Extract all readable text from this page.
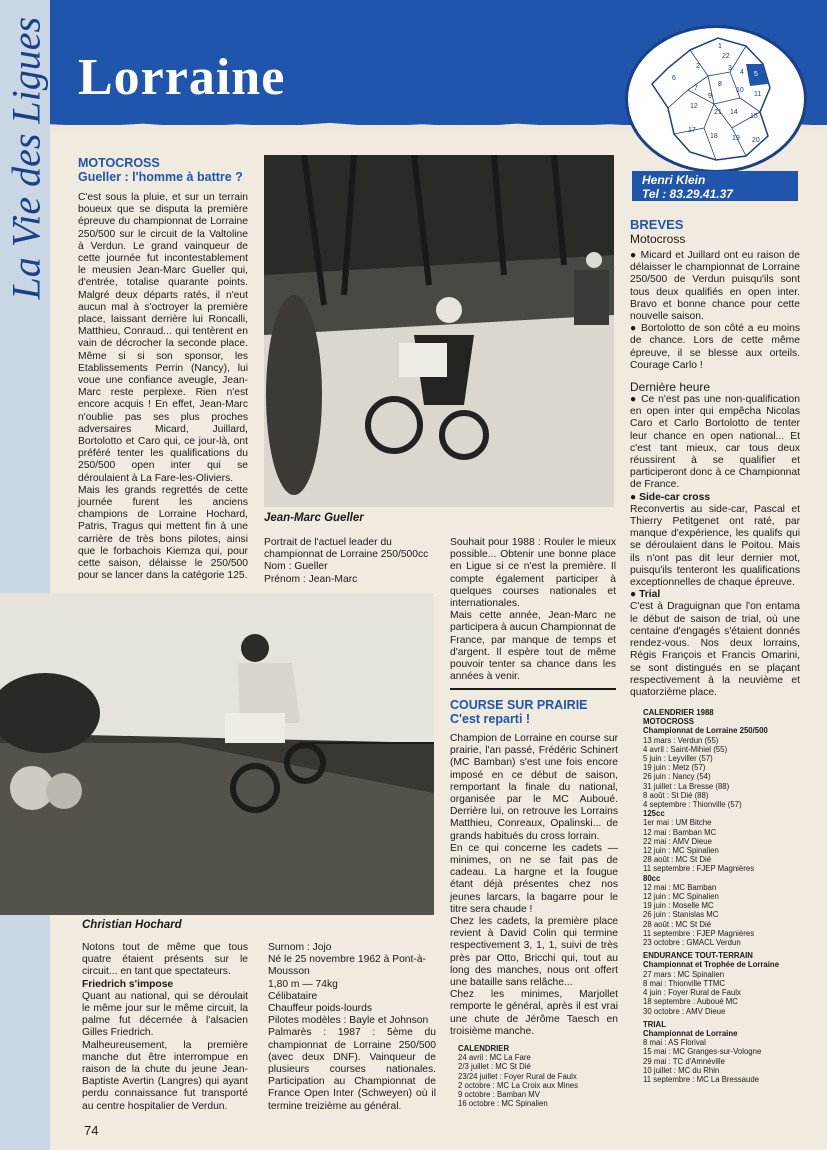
La Vie des Ligues Lorraine
1
22
2	3
4 5
6
7
8
9
10
11
12
21 14
15
17
18 19 20
Henri Klein
Tel : 83.29.41.37
MOTOCROSS
Gueller : l'homme à battre ?

C'est sous la pluie, et sur un terrain boueux que se disputa la première épreuve du championnat de Lorraine 250/500 sur le circuit de la Valtoline à Verdun. Le grand vainqueur de cette journée fut incontestablement le meusien Jean-Marc Gueller qui, d'entrée, totalise quarante points. Malgré deux départs ratés, il n'eut aucun mal à s'octroyer la première place, laissant derrière lui Roncalli, Matthieu, Conraud... qui tentèrent en vain de décrocher la seconde place. Même si si son sponsor, les Etablissements Perrin (Nancy), lui voue une confiance aveugle, Jean-Marc reste perplexe. Rien n'est encore acquis ! En effet, Jean-Marc n'oublie pas ses plus proches adversaires Micard, Juillard, Bortolotto et Caro qui, ce jour-là, ont préféré tenter les qualifications du 250/500 open inter qui se déroulaient à La Fare-les-Oliviers.

Mais les grands regrettés de cette journée furent les anciens champions de Lorraine Hochard, Patris, Tragus qui mettent fin à une carrière de très bons pilotes, ainsi que le forbachois Kiemza qui, pour cette saison, délaisse le 250/500 pour se lancer dans la catégorie 125.

Jean-Marc Gueller

Portrait de l'actuel leader du championnat de Lorraine 250/500cc

Nom : Gueller

Prénom : Jean-Marc

Souhait pour 1988 : Rouler le mieux possible... Obtenir une bonne place en Ligue si ce n'est la première. Il compte également participer à quelques courses nationales et internationales.

Mais cette année, Jean-Marc ne participera à aucun Championnat de France, par manque de temps et d'argent. Il espère tout de même pouvoir tenter sa chance dans les années à venir.

Christian Hochard

Notons tout de même que tous quatre étaient présents sur le circuit... en tant que spectateurs.

Friedrich s'impose

Quant au national, qui se déroulait le même jour sur le même circuit, la palme fut décernée à l'alsacien Gilles Friedrich.

Malheureusement, la première manche dut être interrompue en raison de la chute du jeune Jean-Baptiste Avertin (Langres) qui ayant perdu connaissance fut transporté au centre hospitalier de Verdun.

Surnom : Jojo

Né le 25 novembre 1962 à Pont-à-Mousson

1,80 m — 74kg

Célibataire

Chauffeur poids-lourds

Pilotes modèles : Bayle et Johnson

Palmarès : 1987 : 5ème du championnat de Lorraine 250/500 (avec deux DNF). Vainqueur de plusieurs courses nationales. Participation au Championnat de France Open Inter (Schweyen) où il termine treizième au général.

COURSE SUR PRAIRIE
C'est reparti !

Champion de Lorraine en course sur prairie, l'an passé, Frédéric Schinert (MC Bamban) s'est une fois encore imposé en ce début de saison, remportant la finale du national, organisée par le MC Auboué. Derrière lui, on retrouve les Lorrains Matthieu, Conreaux, Opalinski... de grands habitués du cross lorrain.

En ce qui concerne les cadets — minimes, on ne se fait pas de cadeau. La hargne et la fougue étant déjà présentes chez nos jeunes larcars, la bagarre pour le titre sera chaude !

Chez les cadets, la première place revient à David Colin qui termine respectivement 3, 1, 1, suivi de très près par Otto, Bricchi qui, tout au long des manches, nous ont offert une bataille sans relâche...

Chez les minimes, Marjollet remporte le général, après il est vrai une chute de Jérôme Taesch en troisième manche.

CALENDRIER
24 avril : MC La Fare
2/3 juillet : MC St Dié
23/24 juillet : Foyer Rural de Faulx
2 octobre : MC La Croix aux Mines
9 octobre : Bamban MV
16 octobre : MC Spinalien
BREVES
Motocross

● Micard et Juillard ont eu raison de délaisser le championnat de Lorraine 250/500 de Verdun puisqu'ils sont tous deux qualifiés en open inter. Bravo et bonne chance pour cette nouvelle saison.

● Bortolotto de son côté a eu moins de chance. Lors de cette même épreuve, il se blesse aux orteils. Courage Carlo !

Dernière heure

● Ce n'est pas une non-qualification en open inter qui empêcha Nicolas Caro et Carlo Bortolotto de tenter leur chance en open national... Et c'est tant mieux, car tous deux réussirent à se qualifier et participeront donc à ce Championnat de France.

● Side-car cross

Reconvertis au side-car, Pascal et Thierry Petitgenet ont raté, par manque d'expérience, les qualifs qui se déroulaient dans le Poitou. Mais ils n'ont pas dit leur dernier mot, puisqu'ils tenteront les qualifications exceptionnelles de chaque épreuve.

● Trial

C'est à Draguignan que l'on entama le début de saison de trial, où une centaine d'engagés s'étaient donnés rendez-vous. Nos deux lorrains, Régis François et Francis Omarini, se sont distingués en se plaçant respectivement à la neuvième et quatorzième place.

CALENDRIER 1988
MOTOCROSS
Championnat de Lorraine 250/500
13 mars : Verdun (55)
4 avril : Saint-Mihiel (55)
5 juin : Leyviller (57)
19 juin : Metz (57)
26 juin : Nancy (54)
31 juillet : La Bresse (88)
8 août : St Dié (88)
4 septembre : Thionville (57)
125cc
1er mai : UM Bitche
12 mai : Bamban MC
22 mai : AMV Dieue
12 juin : MC Spinalien
28 août : MC St Dié
11 septembre : FJEP Magnières
80cc
12 mai : MC Bamban
12 juin : MC Spinalien
19 juin : Moselle MC
26 juin : Stanislas MC
28 août : MC St Dié
11 septembre : FJEP Magnières
23 octobre : GMACL Verdun
ENDURANCE TOUT-TERRAIN
Championnat et Trophée de Lorraine
27 mars : MC Spinalien
8 mai : Thionville TTMC
4 juin : Foyer Rural de Faulx
18 septembre : Auboué MC
30 octobre : AMV Dieue
TRIAL
Championnat de Lorraine
8 mai : AS Florival
15 mai : MC Granges-sur-Vologne
29 mai : TC d'Amnéville
10 juillet : MC du Rhin
11 septembre : MC La Bressaude
74
